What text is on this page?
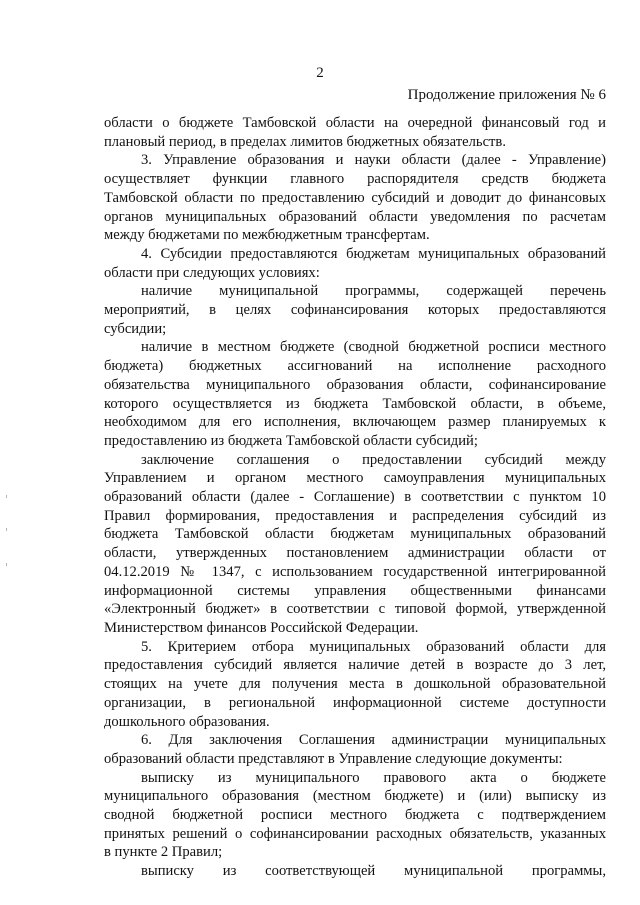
2
Продолжение приложения № 6

области о бюджете Тамбовской области на очередной финансовый год и
плановый период, в пределах лимитов бюджетных обязательств.

3. Управление образования и науки области (далее - Управление)
осуществляет функции главного распорядителя средств бюджета
Тамбовской области по предоставлению субсидий и доводит до финансовых
органов муниципальных образований области уведомления по расчетам
между бюджетами по межбюджетным трансфертам.

4. Субсидии предоставляются бюджетам муниципальных образований
области при следующих условиях:

наличие муниципальной программы, содержащей перечень
мероприятий, в целях софинансирования которых предоставляются
субсидии;

наличие в местном бюджете (сводной бюджетной росписи местного
бюджета) бюджетных ассигнований на исполнение расходного
обязательства муниципального образования области, софинансирование
которого осуществляется из бюджета Тамбовской области, в объеме,
необходимом для его исполнения, включающем размер планируемых к
предоставлению из бюджета Тамбовской области субсидий;

заключение соглашения о предоставлении субсидий между
Управлением и органом местного самоуправления муниципальных
образований области (далее - Соглашение) в соответствии с пунктом 10
Правил формирования, предоставления и распределения субсидий из
бюджета Тамбовской области бюджетам муниципальных образований
области, утвержденных постановлением администрации области от
04.12.2019 № 1347, с использованием государственной интегрированной
информационной системы управления общественными финансами
«Электронный бюджет» в соответствии с типовой формой, утвержденной
Министерством финансов Российской Федерации.

5. Критерием отбора муниципальных образований области для
предоставления субсидий является наличие детей в возрасте до 3 лет,
стоящих на учете для получения места в дошкольной образовательной
организации, в региональной информационной системе доступности
дошкольного образования.

6. Для заключения Соглашения администрации муниципальных
образований области представляют в Управление следующие документы:

выписку из муниципального правового акта о бюджете
муниципального образования (местном бюджете) и (или) выписку из
сводной бюджетной росписи местного бюджета с подтверждением
принятых решений о софинансировании расходных обязательств, указанных
в пункте 2 Правил;

выписку из соответствующей муниципальной программы,
